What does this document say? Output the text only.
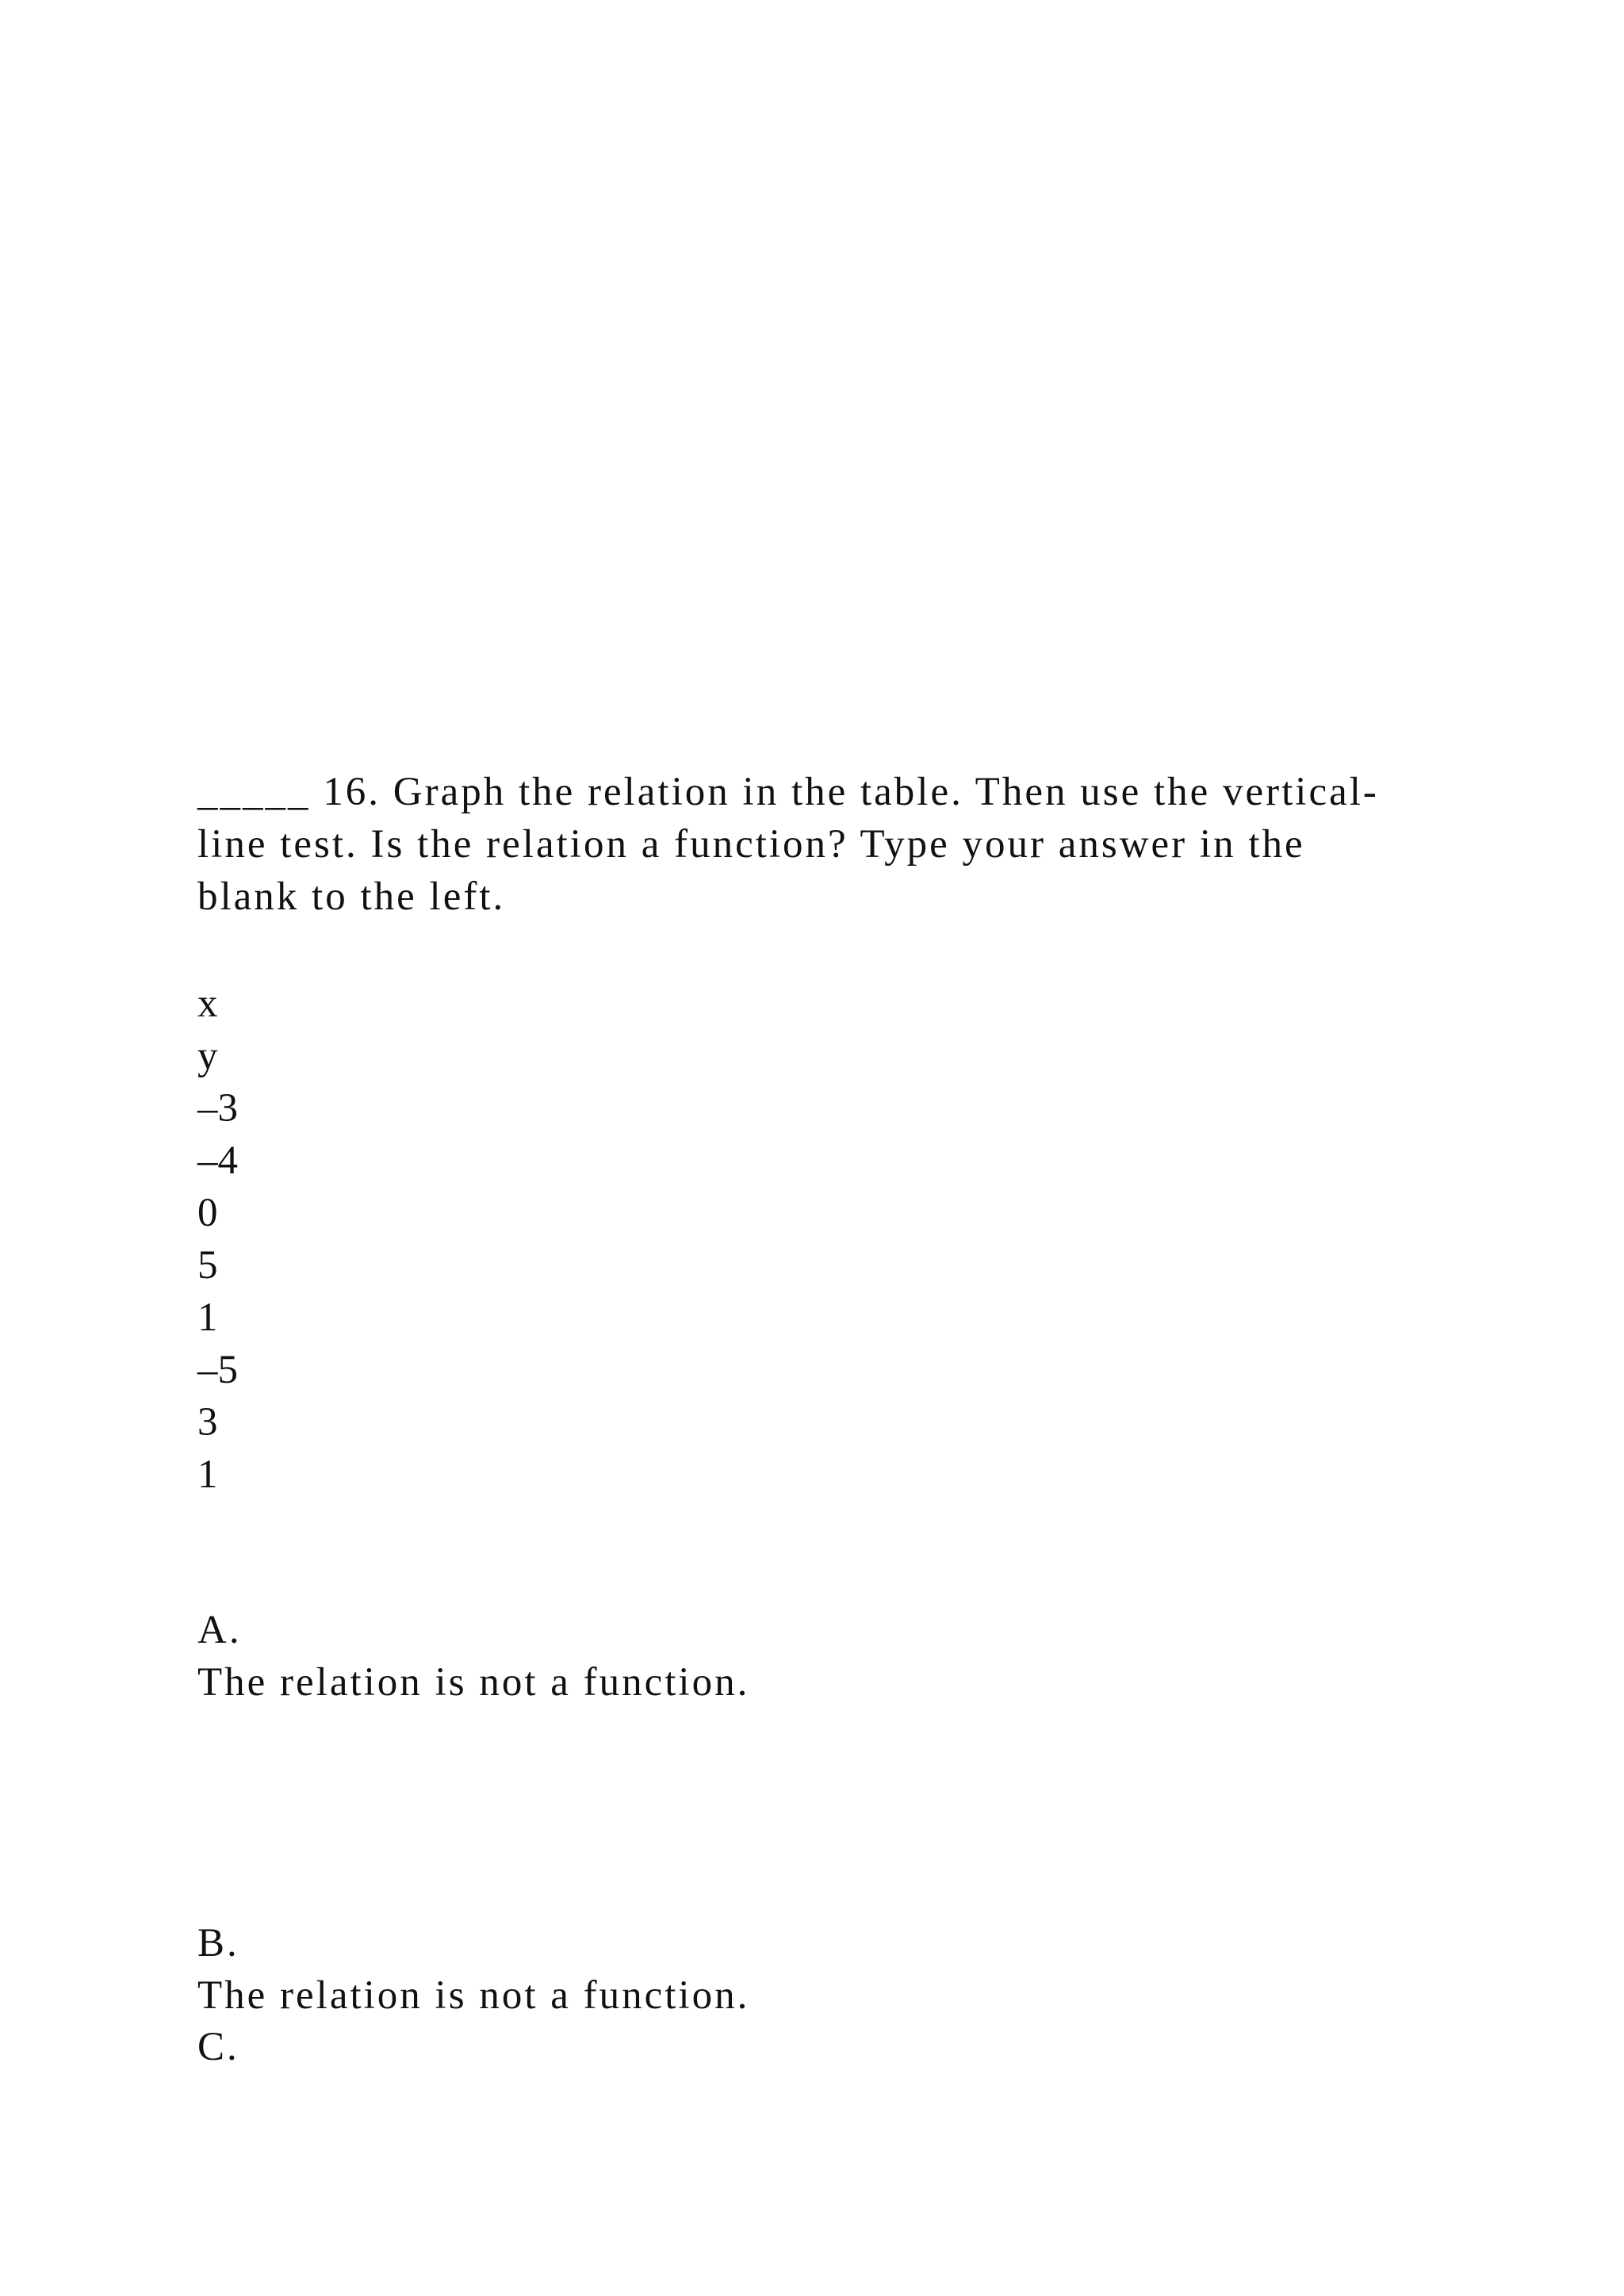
_____ 16. Graph the relation in the table. Then use the vertical-
line test. Is the relation a function? Type your answer in the
blank to the left.
x
y
–3
–4
0
5
1
–5
3
1
A.
The relation is not a function.
B.
The relation is not a function.
C.
